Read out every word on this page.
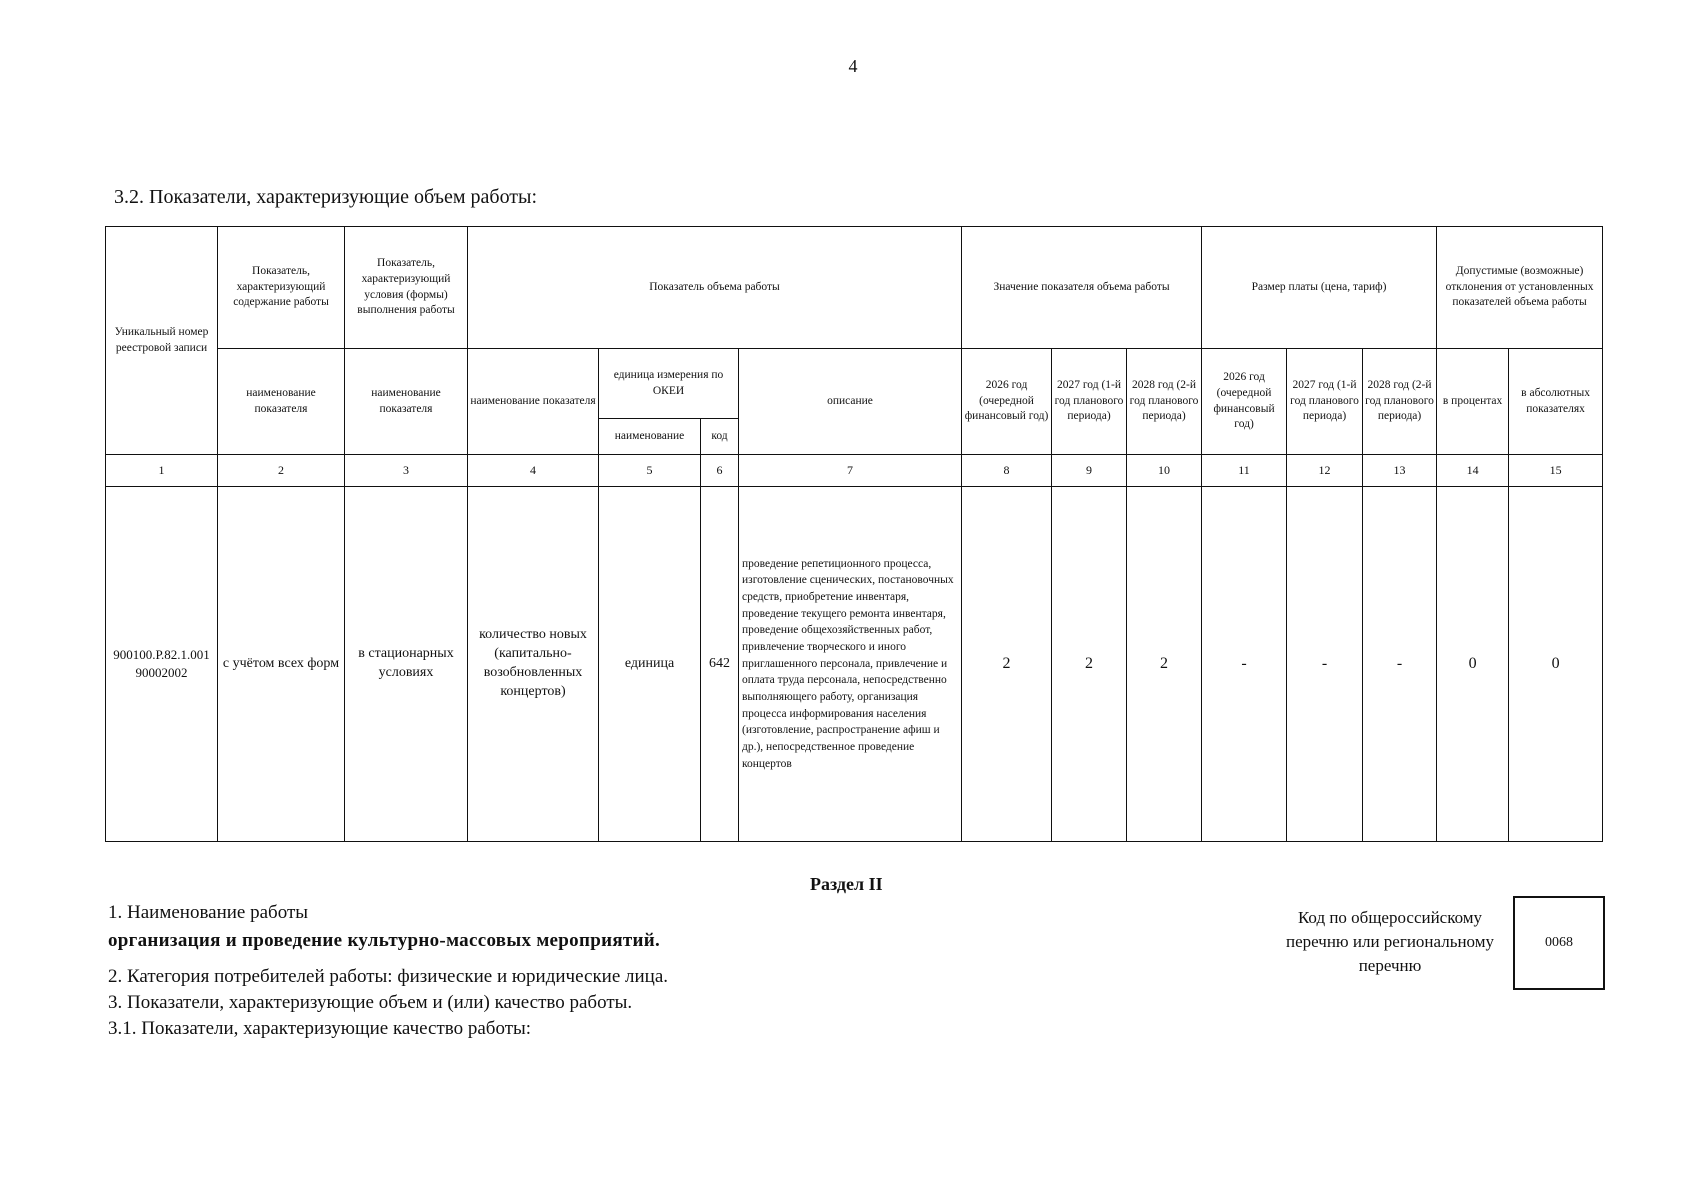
4
3.2. Показатели, характеризующие объем работы:
Уникальный номер реестровой записи	Показатель, характеризующий содержание работы	Показатель, характеризующий условия (формы) выполнения работы	Показатель объема работы				Значение показателя объема работы			Размер платы (цена, тариф)			Допустимые (возможные) отклонения от установленных показателей объема работы	
	наименование показателя	наименование показателя	наименование показателя	единица измерения по ОКЕИ		описание	2026 год (очередной финансовый год)	2027 год (1-й год планового периода)	2028 год (2-й год планового периода)	2026 год (очередной финансовый год)	2027 год (1-й год планового периода)	2028 год (2-й год планового периода)	в процентах	в абсолютных показателях
				наименование	код									
1	2	3	4	5	6	7	8	9	10	11	12	13	14	15
900100.Р.82.1.001 90002002	с учётом всех форм	в стационарных условиях	количество новых (капитально-возобновленных концертов)	единица	642	проведение репетиционного процесса, изготовление сценических, постановочных средств, приобретение инвентаря, проведение текущего ремонта инвентаря, проведение общехозяйственных работ, привлечение творческого и иного приглашенного персонала, привлечение и оплата труда персонала, непосредственно выполняющего работу, организация процесса информирования населения (изготовление, распространение афиш и др.), непосредственное проведение концертов	2	2	2	-	-	-	0	0
Раздел II
1. Наименование работы
организация и проведение культурно-массовых мероприятий.
2. Категория потребителей работы: физические и юридические лица.
3. Показатели, характеризующие объем и (или) качество работы.
3.1. Показатели, характеризующие качество работы:
Код по общероссийскому перечню или региональному перечню
0068
